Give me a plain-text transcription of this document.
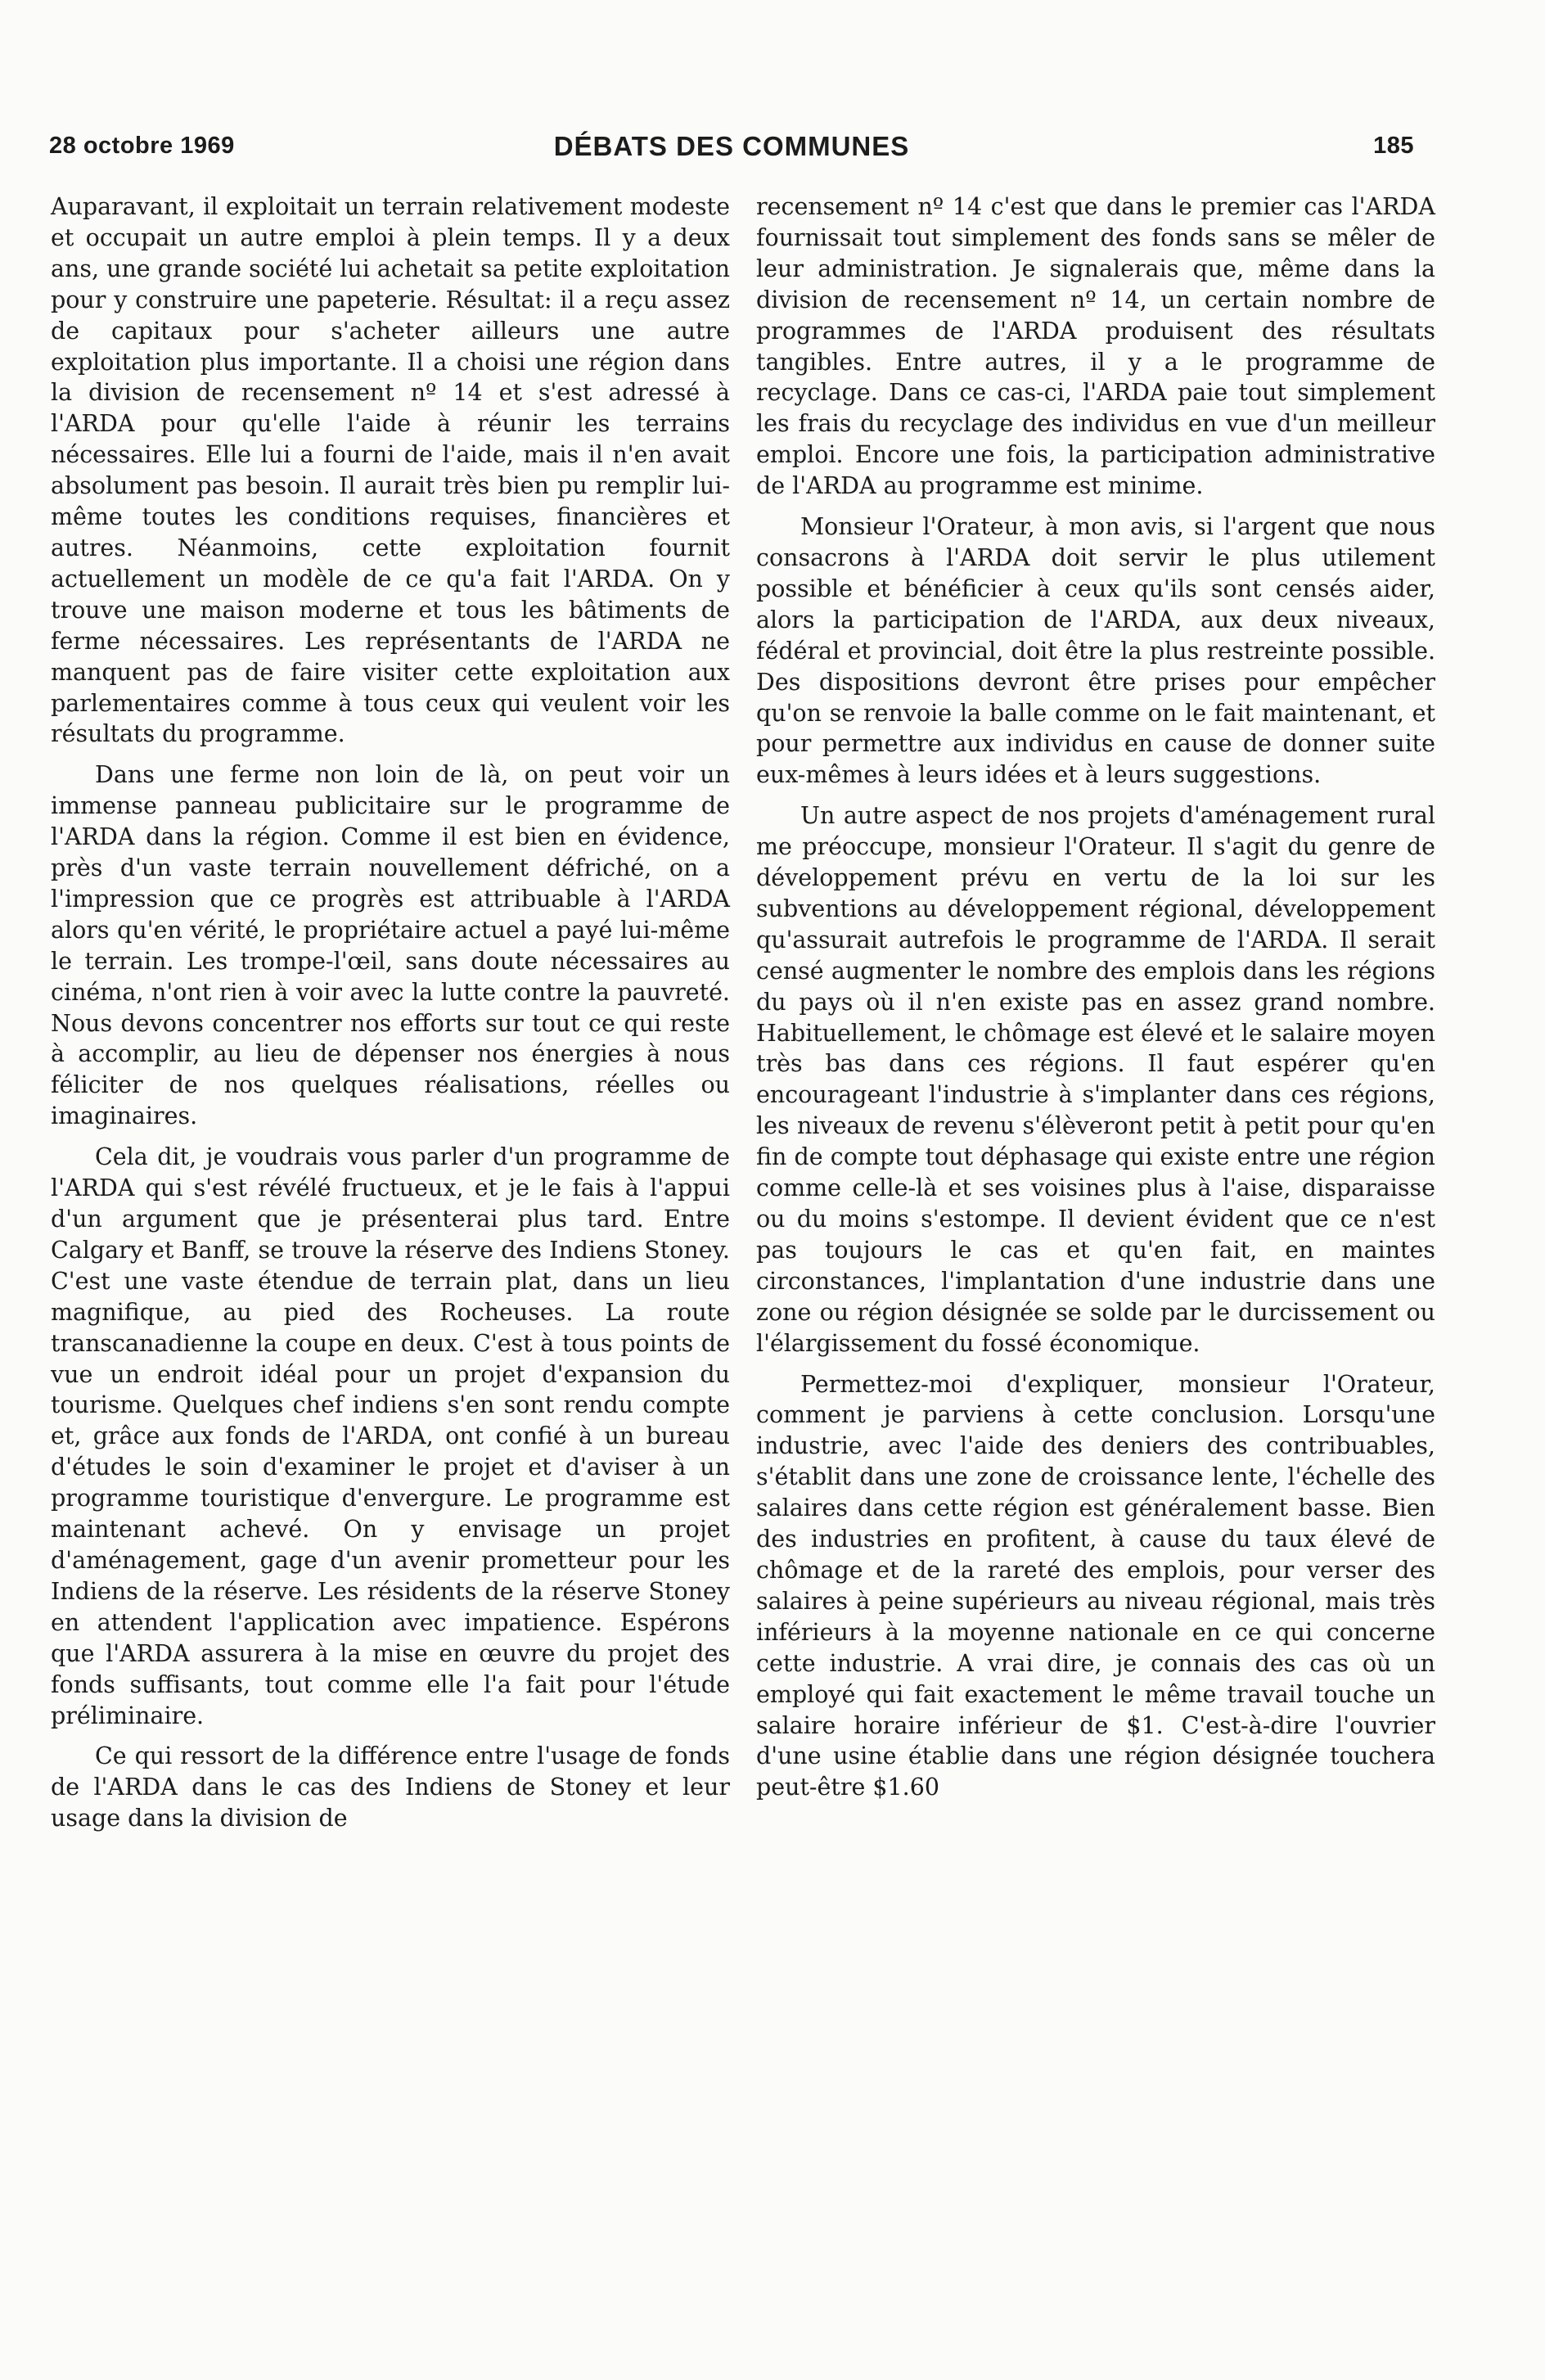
28 octobre 1969	DÉBATS DES COMMUNES	185

Auparavant, il exploitait un terrain relativement modeste et occupait un autre emploi à plein temps. Il y a deux ans, une grande société lui achetait sa petite exploitation pour y construire une papeterie. Résultat: il a reçu assez de capitaux pour s'acheter ailleurs une autre exploitation plus importante. Il a choisi une région dans la division de recensement nº 14 et s'est adressé à l'ARDA pour qu'elle l'aide à réunir les terrains nécessaires. Elle lui a fourni de l'aide, mais il n'en avait absolument pas besoin. Il aurait très bien pu remplir lui-même toutes les conditions requises, financières et autres. Néanmoins, cette exploitation fournit actuellement un modèle de ce qu'a fait l'ARDA. On y trouve une maison moderne et tous les bâtiments de ferme nécessaires. Les représentants de l'ARDA ne manquent pas de faire visiter cette exploitation aux parlementaires comme à tous ceux qui veulent voir les résultats du programme.

Dans une ferme non loin de là, on peut voir un immense panneau publicitaire sur le programme de l'ARDA dans la région. Comme il est bien en évidence, près d'un vaste terrain nouvellement défriché, on a l'impression que ce progrès est attribuable à l'ARDA alors qu'en vérité, le propriétaire actuel a payé lui-même le terrain. Les trompe-l'œil, sans doute nécessaires au cinéma, n'ont rien à voir avec la lutte contre la pauvreté. Nous devons concentrer nos efforts sur tout ce qui reste à accomplir, au lieu de dépenser nos énergies à nous féliciter de nos quelques réalisations, réelles ou imaginaires.

Cela dit, je voudrais vous parler d'un programme de l'ARDA qui s'est révélé fructueux, et je le fais à l'appui d'un argument que je présenterai plus tard. Entre Calgary et Banff, se trouve la réserve des Indiens Stoney. C'est une vaste étendue de terrain plat, dans un lieu magnifique, au pied des Rocheuses. La route transcanadienne la coupe en deux. C'est à tous points de vue un endroit idéal pour un projet d'expansion du tourisme. Quelques chef indiens s'en sont rendu compte et, grâce aux fonds de l'ARDA, ont confié à un bureau d'études le soin d'examiner le projet et d'aviser à un programme touristique d'envergure. Le programme est maintenant achevé. On y envisage un projet d'aménagement, gage d'un avenir prometteur pour les Indiens de la réserve. Les résidents de la réserve Stoney en attendent l'application avec impatience. Espérons que l'ARDA assurera à la mise en œuvre du projet des fonds suffisants, tout comme elle l'a fait pour l'étude préliminaire.

Ce qui ressort de la différence entre l'usage de fonds de l'ARDA dans le cas des Indiens de Stoney et leur usage dans la division de

recensement nº 14 c'est que dans le premier cas l'ARDA fournissait tout simplement des fonds sans se mêler de leur administration. Je signalerais que, même dans la division de recensement nº 14, un certain nombre de programmes de l'ARDA produisent des résultats tangibles. Entre autres, il y a le programme de recyclage. Dans ce cas-ci, l'ARDA paie tout simplement les frais du recyclage des individus en vue d'un meilleur emploi. Encore une fois, la participation administrative de l'ARDA au programme est minime.

Monsieur l'Orateur, à mon avis, si l'argent que nous consacrons à l'ARDA doit servir le plus utilement possible et bénéficier à ceux qu'ils sont censés aider, alors la participation de l'ARDA, aux deux niveaux, fédéral et provincial, doit être la plus restreinte possible. Des dispositions devront être prises pour empêcher qu'on se renvoie la balle comme on le fait maintenant, et pour permettre aux individus en cause de donner suite eux-mêmes à leurs idées et à leurs suggestions.

Un autre aspect de nos projets d'aménagement rural me préoccupe, monsieur l'Orateur. Il s'agit du genre de développement prévu en vertu de la loi sur les subventions au développement régional, développement qu'assurait autrefois le programme de l'ARDA. Il serait censé augmenter le nombre des emplois dans les régions du pays où il n'en existe pas en assez grand nombre. Habituellement, le chômage est élevé et le salaire moyen très bas dans ces régions. Il faut espérer qu'en encourageant l'industrie à s'implanter dans ces régions, les niveaux de revenu s'élèveront petit à petit pour qu'en fin de compte tout déphasage qui existe entre une région comme celle-là et ses voisines plus à l'aise, disparaisse ou du moins s'estompe. Il devient évident que ce n'est pas toujours le cas et qu'en fait, en maintes circonstances, l'implantation d'une industrie dans une zone ou région désignée se solde par le durcissement ou l'élargissement du fossé économique.

Permettez-moi d'expliquer, monsieur l'Orateur, comment je parviens à cette conclusion. Lorsqu'une industrie, avec l'aide des deniers des contribuables, s'établit dans une zone de croissance lente, l'échelle des salaires dans cette région est généralement basse. Bien des industries en profitent, à cause du taux élevé de chômage et de la rareté des emplois, pour verser des salaires à peine supérieurs au niveau régional, mais très inférieurs à la moyenne nationale en ce qui concerne cette industrie. A vrai dire, je connais des cas où un employé qui fait exactement le même travail touche un salaire horaire inférieur de $1. C'est-à-dire l'ouvrier d'une usine établie dans une région désignée touchera peut-être $1.60
